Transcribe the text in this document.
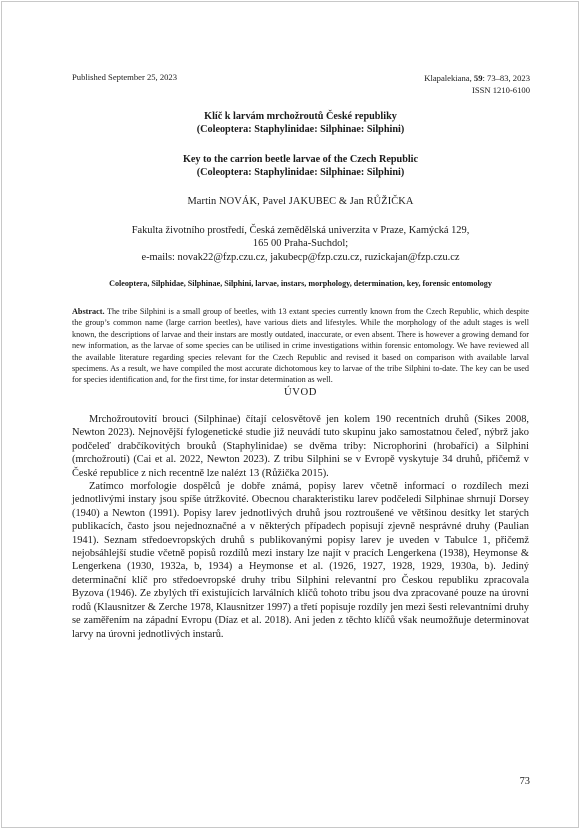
Published September 25, 2023	Klapalekiana, 59: 73–83, 2023
ISSN 1210-6100
Klíč k larvám mrchožroutů České republiky
(Coleoptera: Staphylinidae: Silphinae: Silphini)
Key to the carrion beetle larvae of the Czech Republic
(Coleoptera: Staphylinidae: Silphinae: Silphini)
Martin NOVÁK, Pavel JAKUBEC & Jan RŮŽIČKA
Fakulta životního prostředí, Česká zemědělská univerzita v Praze, Kamýcká 129,
165 00 Praha-Suchdol;
e-mails: novak22@fzp.czu.cz, jakubecp@fzp.czu.cz, ruzickajan@fzp.czu.cz
Coleoptera, Silphidae, Silphinae, Silphini, larvae, instars, morphology, determination, key, forensic entomology
Abstract. The tribe Silphini is a small group of beetles, with 13 extant species currently known from the Czech Republic, which despite the group’s common name (large carrion beetles), have various diets and lifestyles. While the morphology of the adult stages is well known, the descriptions of larvae and their instars are mostly outdated, inaccurate, or even absent. There is however a growing demand for new information, as the larvae of some species can be utilised in crime investigations within forensic entomology. We have reviewed all the available literature regarding species relevant for the Czech Republic and revised it based on comparison with available larval specimens. As a result, we have compiled the most accurate dichotomous key to larvae of the tribe Silphini to-date. The key can be used for species identification and, for the first time, for instar determination as well.
ÚVOD

Mrchožroutovití brouci (Silphinae) čítají celosvětově jen kolem 190 recentních druhů (Sikes 2008, Newton 2023). Nejnovější fylogenetické studie již neuvádí tuto skupinu jako samostatnou čeleď, nýbrž jako podčeleď drabčíkovitých brouků (Staphylinidae) se dvěma triby: Nicrophorini (hrobaříci) a Silphini (mrchožrouti) (Cai et al. 2022, Newton 2023). Z tribu Silphini se v Evropě vyskytuje 34 druhů, přičemž v České republice z nich recentně lze nalézt 13 (Růžička 2015).

Zatímco morfologie dospělců je dobře známá, popisy larev včetně informací o rozdílech mezi jednotlivými instary jsou spíše útržkovité. Obecnou charakteristiku larev podčeledi Silphinae shrnují Dorsey (1940) a Newton (1991). Popisy larev jednotlivých druhů jsou roztroušené ve většinou desítky let starých publikacích, často jsou nejednoznačné a v některých případech popisují zjevně nesprávné druhy (Paulian 1941). Seznam středoevropských druhů s publikovanými popisy larev je uveden v Tabulce 1, přičemž nejobsáhlejší studie včetně popisů rozdílů mezi instary lze najít v pracích Lengerkena (1938), Heymonse & Lengerkena (1930, 1932a, b, 1934) a Heymonse et al. (1926, 1927, 1928, 1929, 1930a, b). Jediný determinační klíč pro středoevropské druhy tribu Silphini relevantní pro Českou republiku zpracovala Byzova (1946). Ze zbylých tří existujících larválních klíčů tohoto tribu jsou dva zpracované pouze na úrovni rodů (Klausnitzer & Zerche 1978, Klausnitzer 1997) a třetí popisuje rozdíly jen mezi šesti relevantními druhy se zaměřením na západní Evropu (Díaz et al. 2018). Ani jeden z těchto klíčů však neumožňuje determinovat larvy na úrovni jednotlivých instarů.

73
